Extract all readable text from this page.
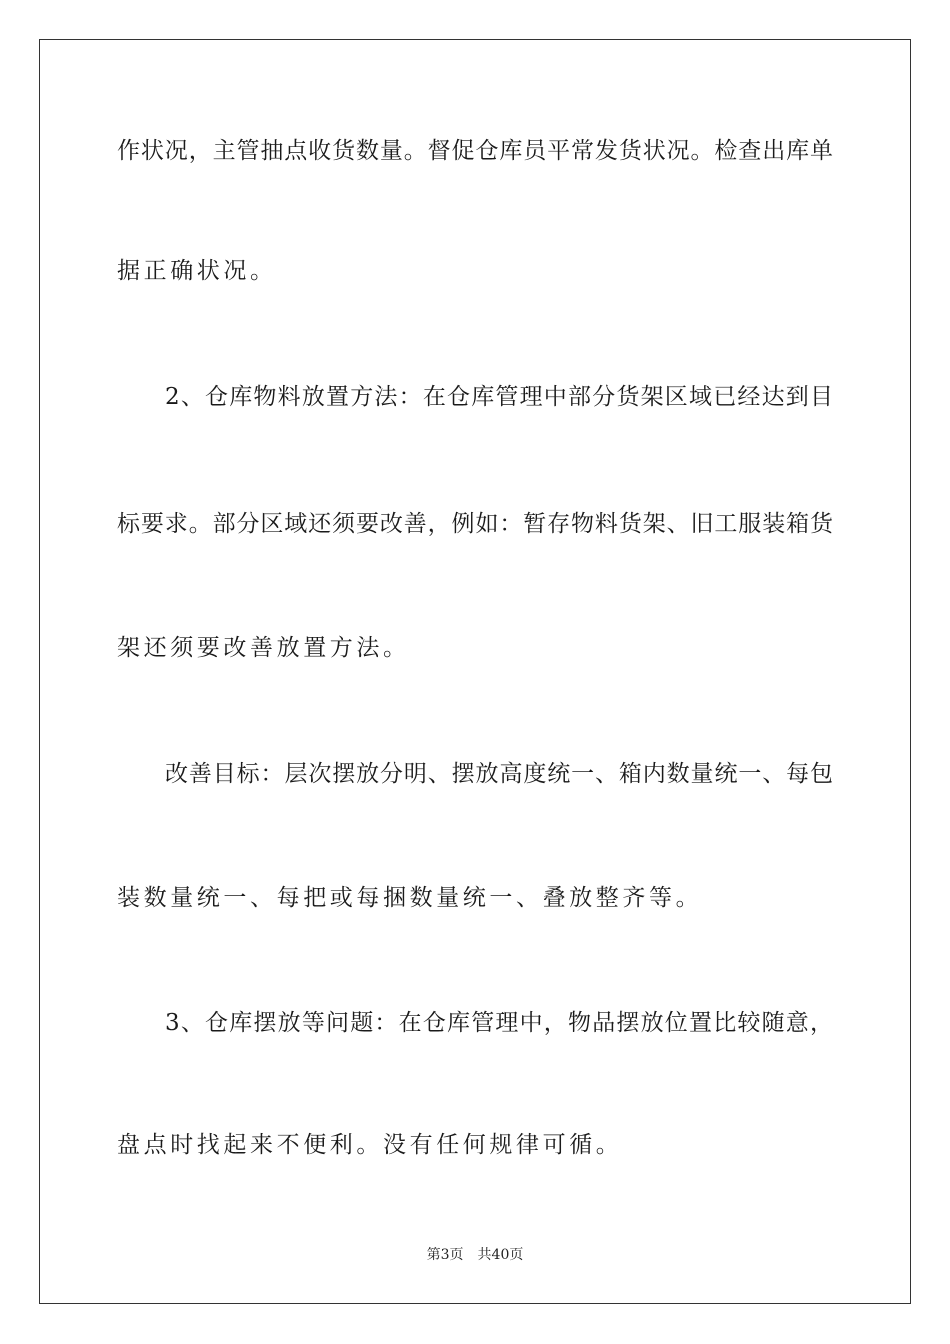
作状况，主管抽点收货数量。督促仓库员平常发货状况。检查出库单
据正确状况。
2、仓库物料放置方法：在仓库管理中部分货架区域已经达到目
标要求。部分区域还须要改善，例如：暂存物料货架、旧工服装箱货
架还须要改善放置方法。
改善目标：层次摆放分明、摆放高度统一、箱内数量统一、每包
装数量统一、每把或每捆数量统一、叠放整齐等。
3、仓库摆放等问题：在仓库管理中，物品摆放位置比较随意，
盘点时找起来不便利。没有任何规律可循。
第3页 共40页
